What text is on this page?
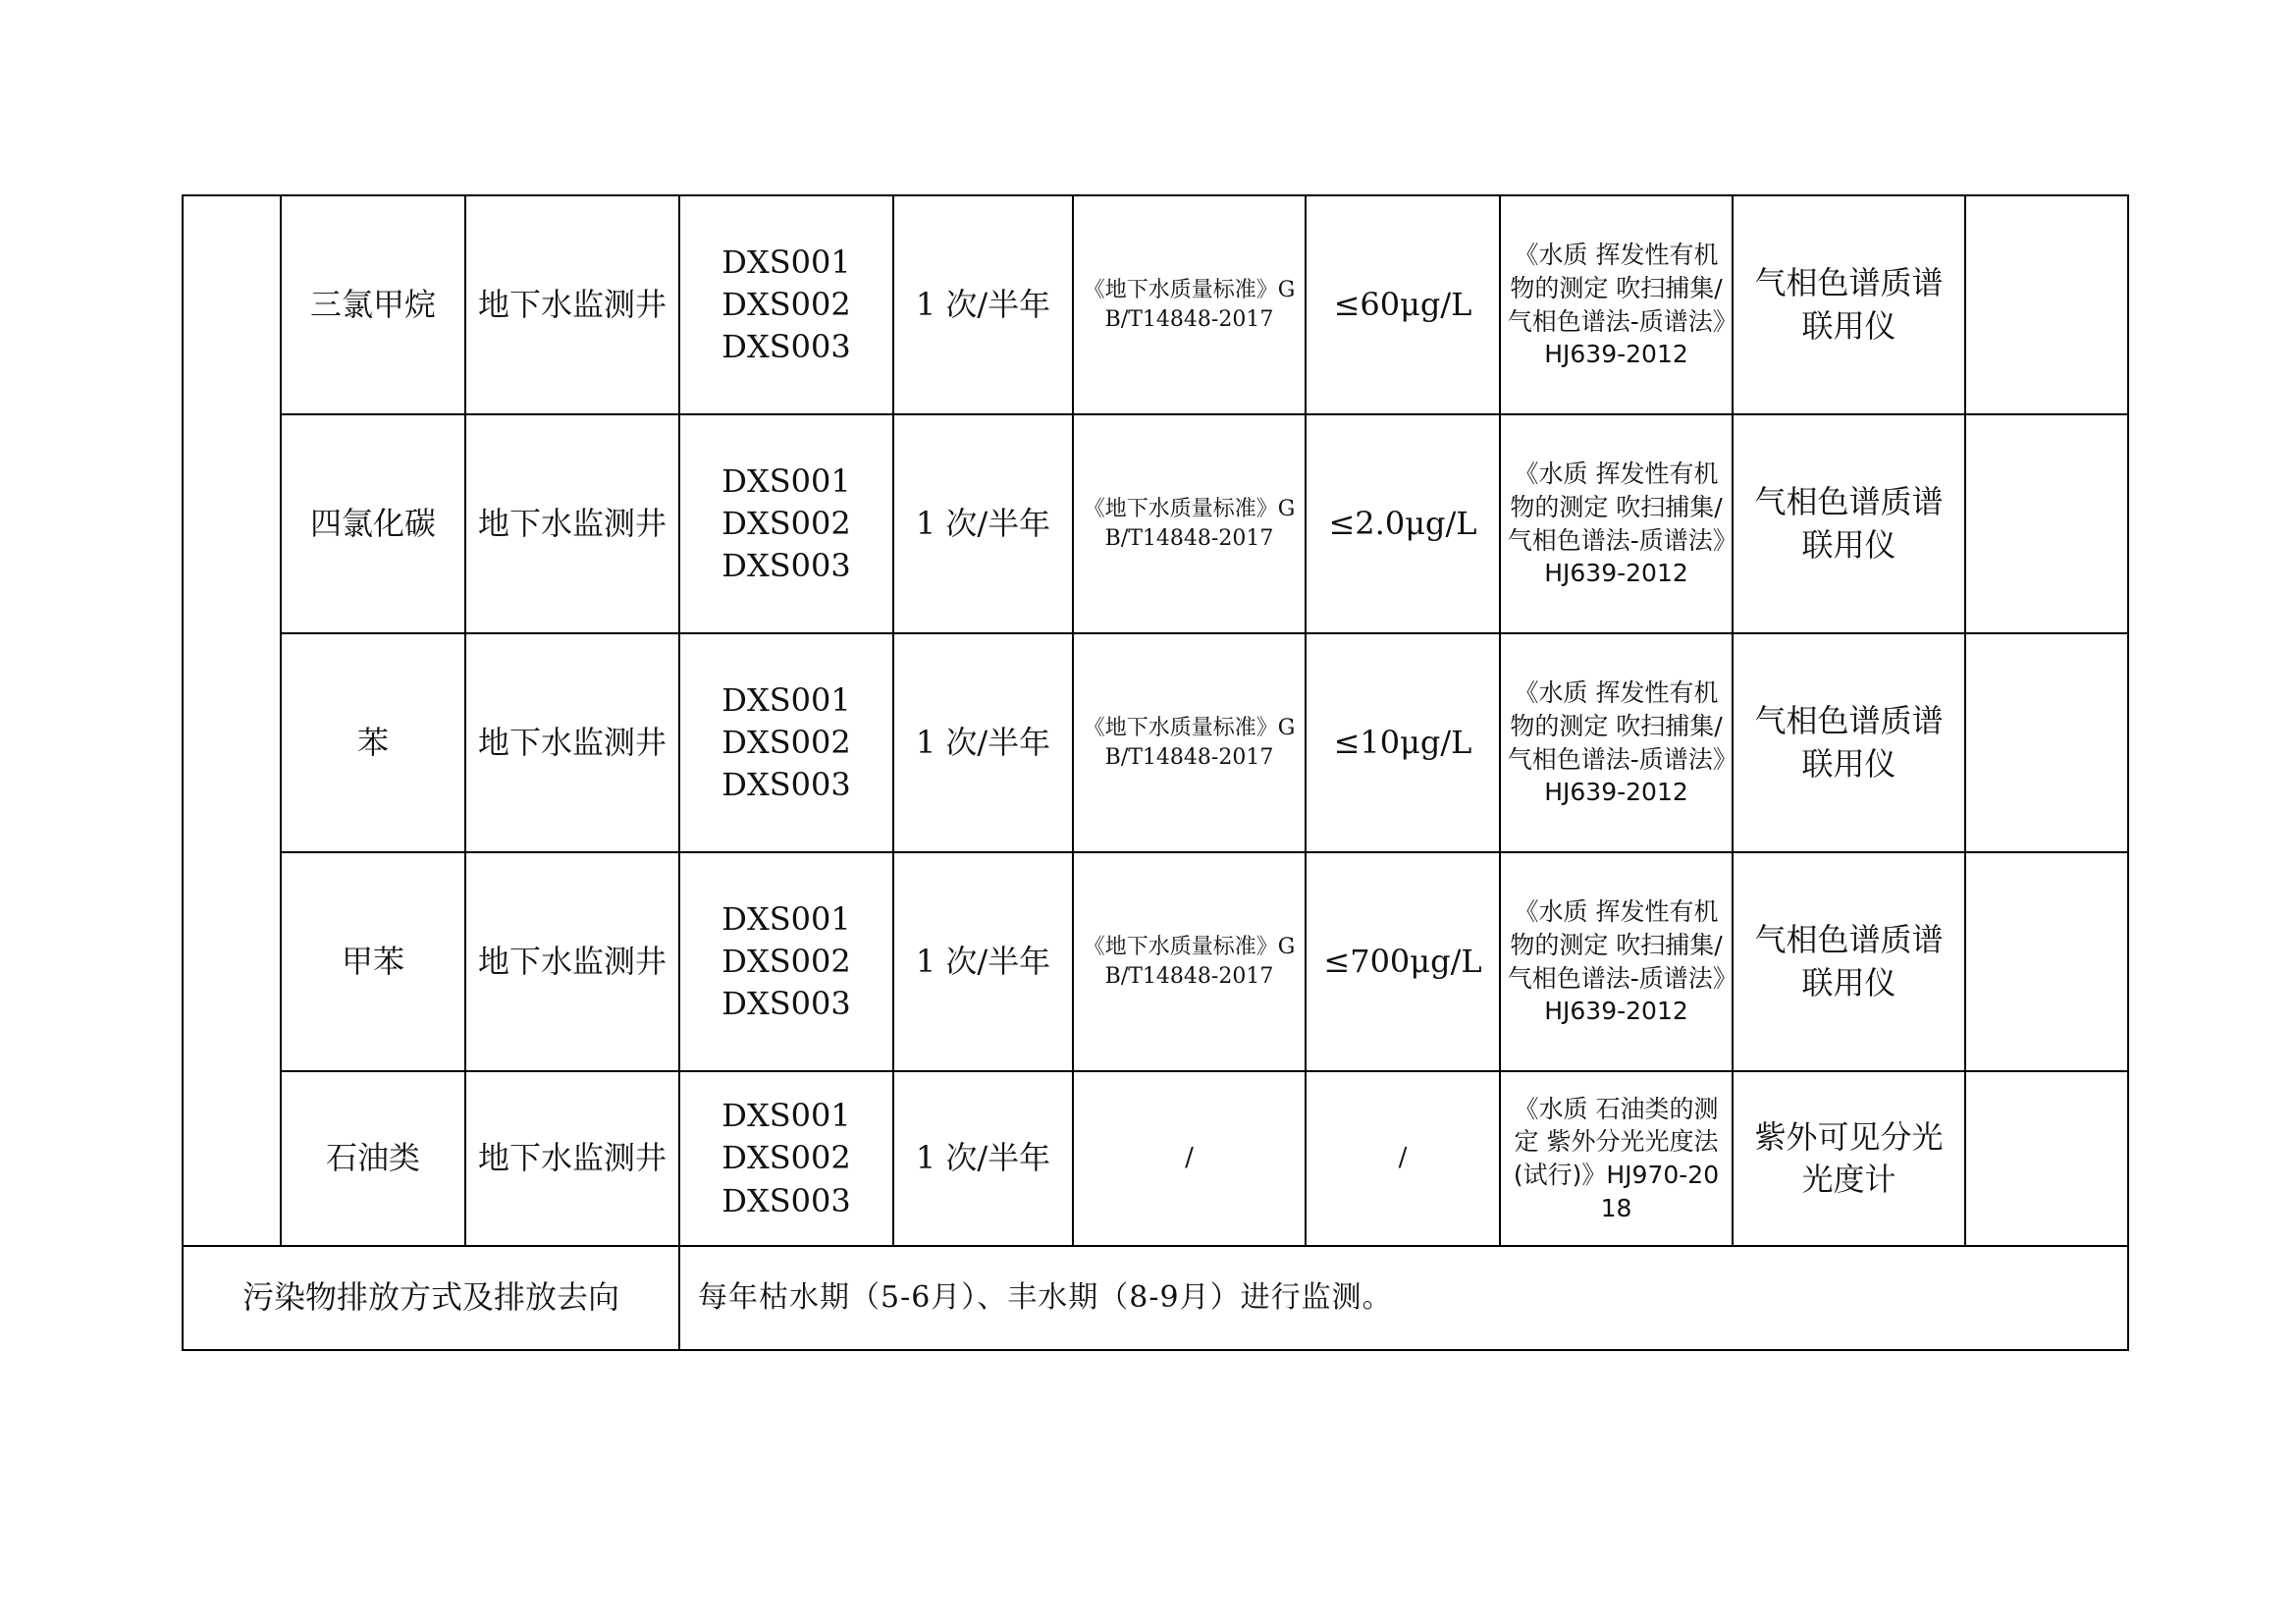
	三氯甲烷	地下水监测井	DXS001
DXS002
DXS003	1 次/半年	《地下水质量标准》GB/T14848-2017	≤60μg/L	《水质 挥发性有机物的测定 吹扫捕集/气相色谱法-质谱法》HJ639-2012	气相色谱质谱联用仪	
	四氯化碳	地下水监测井	DXS001
DXS002
DXS003	1 次/半年	《地下水质量标准》GB/T14848-2017	≤2.0μg/L	《水质 挥发性有机物的测定 吹扫捕集/气相色谱法-质谱法》HJ639-2012	气相色谱质谱联用仪	
	苯	地下水监测井	DXS001
DXS002
DXS003	1 次/半年	《地下水质量标准》GB/T14848-2017	≤10μg/L	《水质 挥发性有机物的测定 吹扫捕集/气相色谱法-质谱法》HJ639-2012	气相色谱质谱联用仪	
	甲苯	地下水监测井	DXS001
DXS002
DXS003	1 次/半年	《地下水质量标准》GB/T14848-2017	≤700μg/L	《水质 挥发性有机物的测定 吹扫捕集/气相色谱法-质谱法》HJ639-2012	气相色谱质谱联用仪	
	石油类	地下水监测井	DXS001
DXS002
DXS003	1 次/半年	/	/	《水质 石油类的测定 紫外分光光度法(试行)》HJ970-2018	紫外可见分光光度计	
污染物排放方式及排放去向			每年枯水期（5-6月）、丰水期（8-9月）进行监测。						
